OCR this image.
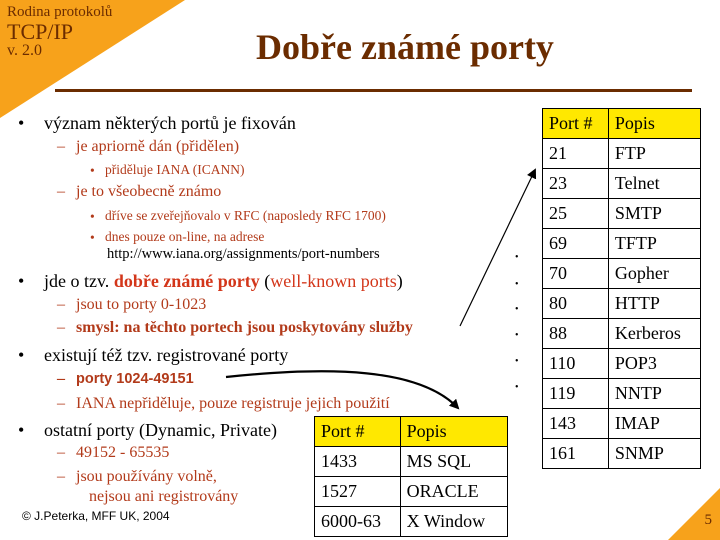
Rodina protokolů
TCP/IP
v. 2.0	Dobře známé porty
• význam některých portů je fixován
– je apriorně dán (přidělen)
• přiděluje IANA (ICANN)
– je to všeobecně známo
• dříve se zveřejňovalo v RFC (naposledy RFC 1700)
• dnes pouze on-line, na adrese
http://www.iana.org/assignments/port-numbers
• jde o tzv. dobře známé porty (well-known ports)
– jsou to porty 0-1023
– smysl: na těchto portech jsou poskytovány služby
• existují též tzv. registrované porty
– porty 1024-49151
– IANA nepřiděluje, pouze registruje jejich použití
• ostatní porty (Dynamic, Private)
– 49152 - 65535
– jsou používány volně,
nejsou ani registrovány
Port #	Popis
21	FTP
23	Telnet
25	SMTP
69	TFTP
70	Gopher
80	HTTP
88	Kerberos
110	POP3
119	NNTP
143	IMAP
161	SNMP
Port #	Popis
1433	MS SQL
1527	ORACLE
6000-63	X Window
•
•
•
•
•
•
© J.Peterka, MFF UK, 2004	5
